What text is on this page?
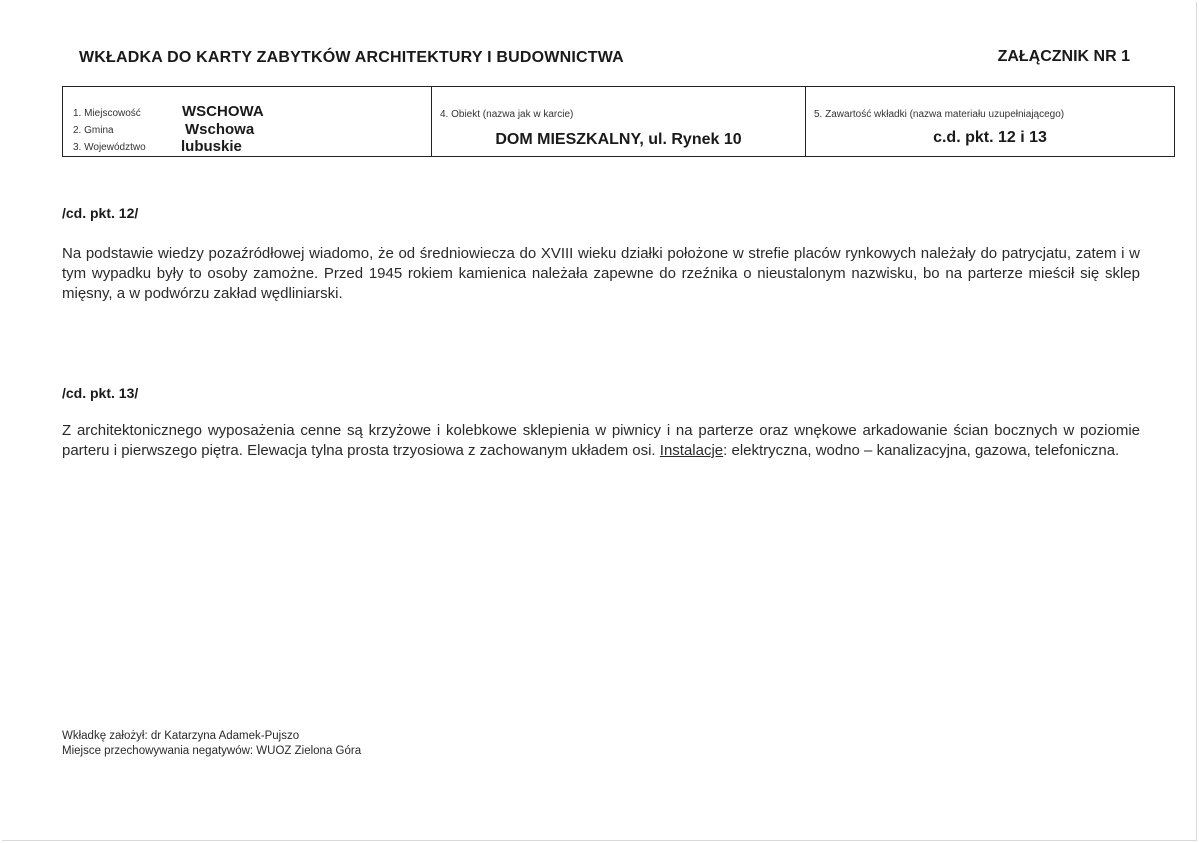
WKŁADKA DO KARTY ZABYTKÓW ARCHITEKTURY I BUDOWNICTWA	ZAŁĄCZNIK NR 1
1. Miejscowość	WSCHOWA
2. Gmina	Wschowa
3. Województwo lubuskie
4. Obiekt (nazwa jak w karcie)
DOM MIESZKALNY, ul. Rynek 10
5. Zawartość wkładki (nazwa materiału uzupełniającego)
c.d. pkt. 12 i 13
/cd. pkt. 12/
Na podstawie wiedzy pozaźródłowej wiadomo, że od średniowiecza do XVIII wieku działki położone w strefie placów rynkowych należały do patrycjatu, zatem i w tym wypadku były to osoby zamożne. Przed 1945 rokiem kamienica należała zapewne do rzeźnika o nieustalonym nazwisku, bo na parterze mieścił się sklep mięsny, a w podwórzu zakład wędliniarski.
/cd. pkt. 13/
Z architektonicznego wyposażenia cenne są krzyżowe i kolebkowe sklepienia w piwnicy i na parterze oraz wnękowe arkadowanie ścian bocznych w poziomie parteru i pierwszego piętra. Elewacja tylna prosta trzyosiowa z zachowanym układem osi. Instalacje: elektryczna, wodno – kanalizacyjna, gazowa, telefoniczna.
Wkładkę założył: dr Katarzyna Adamek-Pujszo
Miejsce przechowywania negatywów: WUOZ Zielona Góra
